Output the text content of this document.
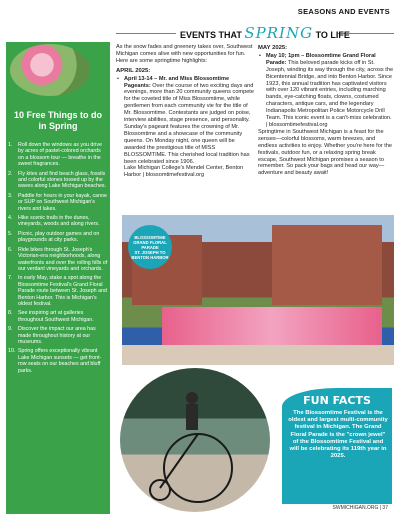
SEASONS AND EVENTS
EVENTS THAT SPRING TO LIFE
10 Free Things to do in Spring
1. Roll down the windows as you drive by acres of pastel-colored orchards on a blossom tour — breathe in the sweet fragrances.
2. Fly kites and find beach glass, fossils and colorful stones tossed up by the waves along Lake Michigan beaches.
3. Paddle for hours in your kayak, canoe or SUP on Southwest Michigan's rivers and lakes.
4. Hike scenic trails in the dunes, vineyards, woods and along rivers.
5. Picnic, play outdoor games and on playgrounds at city parks.
6. Ride bikes through St. Joseph's Victorian-era neighborhoods, along waterfronts and over the rolling hills of our verdant vineyards and orchards.
7. In early May, stake a spot along the Blossomtime Festival's Grand Floral Parade route between St. Joseph and Benton Harbor. This is Michigan's oldest festival.
8. See inspiring art at galleries throughout Southwest Michigan.
9. Discover the impact our area has made throughout history at our museums.
10. Spring offers exceptionally vibrant Lake Michigan sunsets — get front-row seats on our beaches and bluff parks.

As the snow fades and greenery takes over, Southwest Michigan comes alive with new opportunities for fun. Here are some springtime highlights:

APRIL 2025:
• April 13-14 – Mr. and Miss Blossomtime Pageants: Over the course of two exciting days and evenings, more than 20 community queens compete for the coveted title of Miss Blossomtime, while gentlemen from each community vie for the title of Mr. Blossomtime. Contestants are judged on poise, interview abilities, stage presence, and personality. Sunday's pageant features the crowning of Mr. Blossomtime and a showcase of the community queens. On Monday night, one queen will be awarded the prestigious title of MISS BLOSSOMTIME. This cherished local tradition has been celebrated since 1906.
Lake Michigan College's Mendel Center, Benton Harbor | blossomtimefestival.org
MAY 2025:
• May 10; 1pm – Blossomtime Grand Floral Parade: This beloved parade kicks off in St. Joseph, winding its way through the city, across the Bicentennial Bridge, and into Benton Harbor. Since 1923, this annual tradition has captivated visitors with over 120 vibrant entries, including marching bands, eye-catching floats, clowns, costumed characters, antique cars, and the legendary Indianapolis Metropolitan Police Motorcycle Drill Team. This iconic event is a can't-miss celebration. | blossomtimefestival.org

Springtime in Southwest Michigan is a feast for the senses—colorful blossoms, warm breezes, and endless activities to enjoy. Whether you're here for the festivals, outdoor fun, or a relaxing spring break escape, Southwest Michigan promises a season to remember. So pack your bags and head our way—adventure and beauty await!

BLOSSOMTIME
GRAND FLORAL
PARADE
ST. JOSEPH TO
BENTON HARBOR
FUN FACTS
The Blossomtime Festival is the oldest and largest multi-community festival in Michigan. The Grand Floral Parade is the "crown jewel" of the Blossomtime Festival and will be celebrating its 119th year in 2025.
SWMICHIGAN.ORG | 37
